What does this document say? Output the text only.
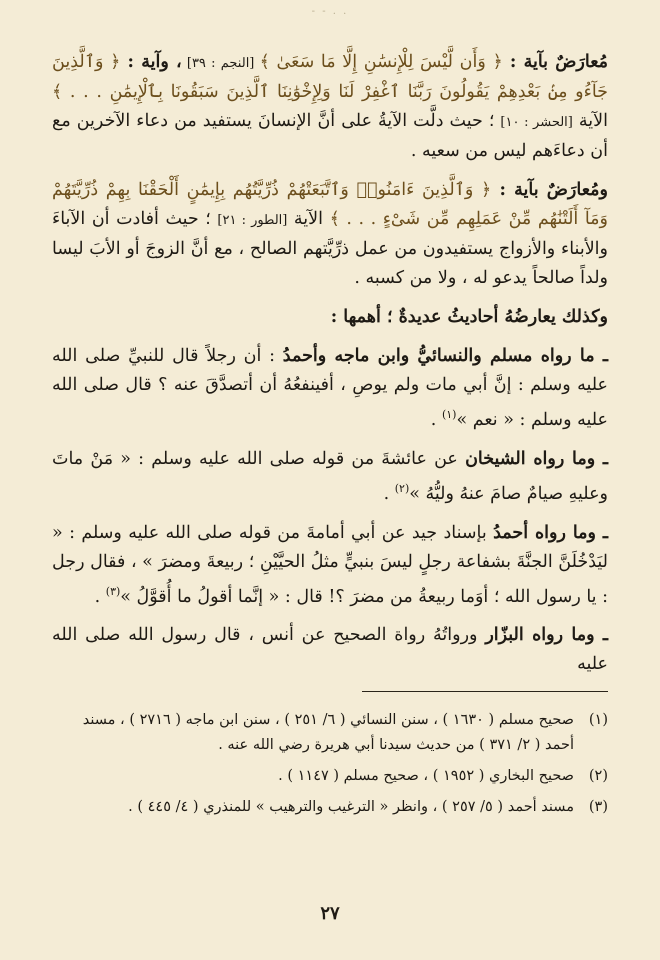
- - . .

مُعارَضٌ بآية : ﴿ وَأَن لَّيْسَ لِلْإِنسَٰنِ إِلَّا مَا سَعَىٰ ﴾ [النجم : ٣٩] ، وآية : ﴿ وَٱلَّذِينَ جَآءُو مِنۢ بَعْدِهِمْ يَقُولُونَ رَبَّنَا ٱغْفِرْ لَنَا وَلِإِخْوَٰنِنَا ٱلَّذِينَ سَبَقُونَا بِٱلْإِيمَٰنِ . . . ﴾ الآية [الحشر : ١٠] ؛ حيث دلَّت الآيةُ على أنَّ الإنسانَ يستفيد من دعاء الآخرين مع أن دعاءَهم ليس من سعيه .

ومُعارَضٌ بآية : ﴿ وَٱلَّذِينَ ءَامَنُوا۟ وَٱتَّبَعَتْهُمْ ذُرِّيَّتُهُم بِإِيمَٰنٍ أَلْحَقْنَا بِهِمْ ذُرِّيَّتَهُمْ وَمَآ أَلَتْنَٰهُم مِّنْ عَمَلِهِم مِّن شَىْءٍ . . . ﴾ الآية [الطور : ٢١] ؛ حيث أفادت أن الآباءَ والأبناء والأزواج يستفيدون من عمل ذرِّيَّتهم الصالح ، مع أنَّ الزوجَ أو الأبَ ليسا ولداً صالحاً يدعو له ، ولا من كسبه .

وكذلك يعارضُهُ أحاديثُ عديدةٌ ؛ أهمها :

ـ ما رواه مسلم والنسائيُّ وابن ماجه وأحمدُ : أن رجلاً قال للنبيِّ صلى الله عليه وسلم : إنَّ أبي مات ولم يوصِ ، أفينفعُهُ أن أتصدَّقَ عنه ؟ قال صلى الله عليه وسلم : « نعم »$^{(١)}$ .

ـ وما رواه الشيخان عن عائشةَ من قوله صلى الله عليه وسلم : « مَنْ ماتَ وعليهِ صيامٌ صامَ عنهُ وليُّهُ »$^{(٢)}$ .

ـ وما رواه أحمدُ بإسناد جيد عن أبي أمامةَ من قوله صلى الله عليه وسلم : « ليَدْخُلَنَّ الجنَّةَ بشفاعة رجلٍ ليسَ بنبيٍّ مثلُ الحيَّيْنِ ؛ ربيعةَ ومضرَ » ، فقال رجل : يا رسول الله ؛ أوَما ربيعةُ من مضرَ ؟! قال : « إنَّما أقولُ ما أُقوَّلُ »$^{(٣)}$ .

ـ وما رواه البزّار ورواتُهُ رواة الصحيح عن أنس ، قال رسول الله صلى الله عليه

(١)صحيح مسلم ( ١٦٣٠ ) ، سنن النسائي ( ٦/ ٢٥١ ) ، سنن ابن ماجه ( ٢٧١٦ ) ، مسند أحمد ( ٢/ ٣٧١ ) من حديث سيدنا أبي هريرة رضي الله عنه .
(٢)صحيح البخاري ( ١٩٥٢ ) ، صحيح مسلم ( ١١٤٧ ) .
(٣)مسند أحمد ( ٥/ ٢٥٧ ) ، وانظر « الترغيب والترهيب » للمنذري ( ٤/ ٤٤٥ ) .
٢٧
